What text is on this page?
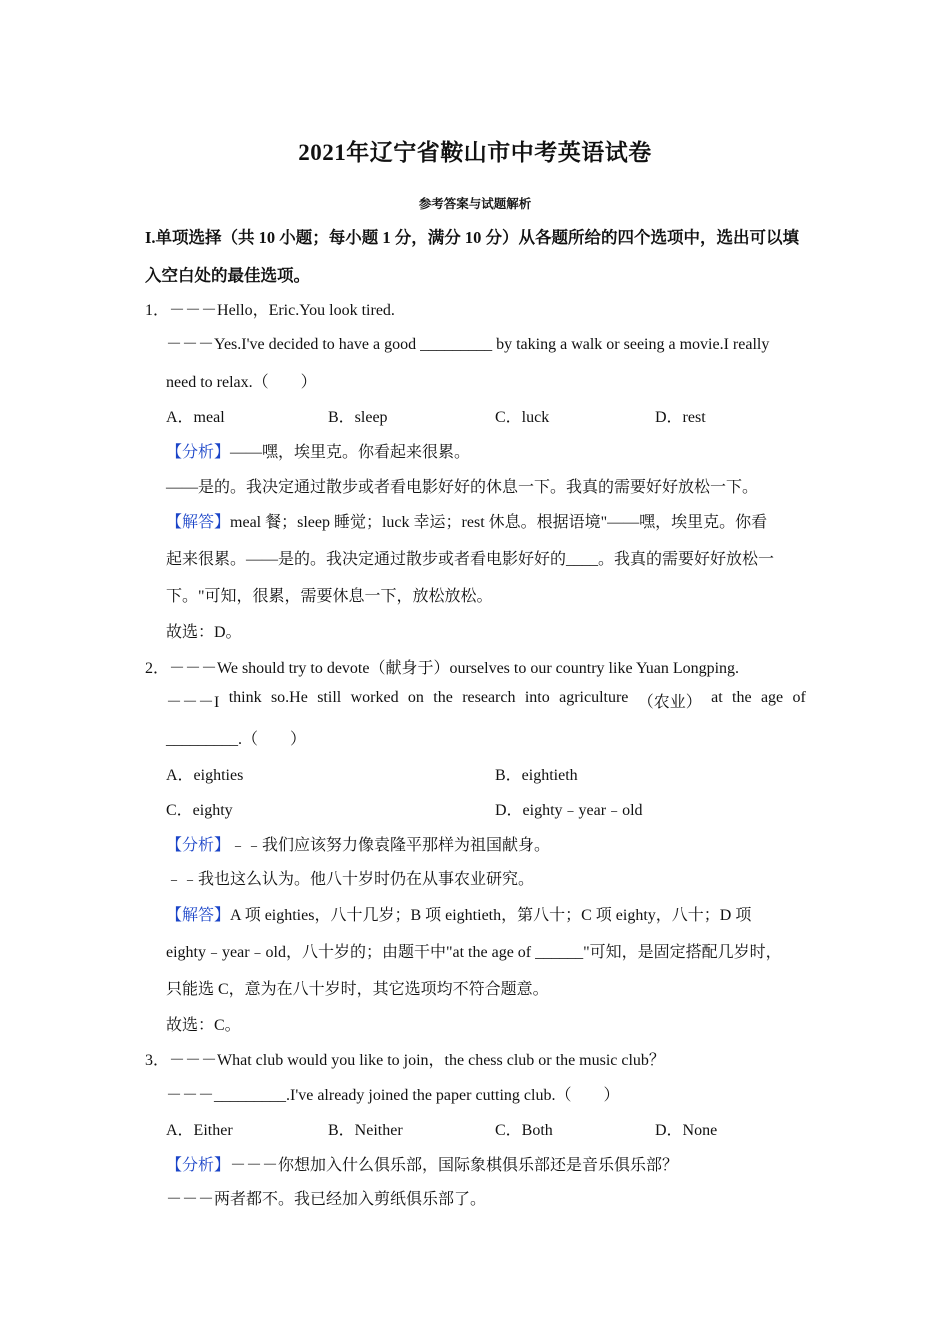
2021年辽宁省鞍山市中考英语试卷
参考答案与试题解析
I.单项选择（共 10 小题；每小题 1 分，满分 10 分）从各题所给的四个选项中，选出可以填
入空白处的最佳选项。
1．－－－Hello，Eric.You look tired.
－－－Yes.I've decided to have a good _________ by taking a walk or seeing a movie.I really
need to relax.（　　）
A．meal	B．sleep	C．luck	D．rest
【分析】——嘿，埃里克。你看起来很累。
——是的。我决定通过散步或者看电影好好的休息一下。我真的需要好好放松一下。
【解答】meal 餐；sleep 睡觉；luck 幸运；rest 休息。根据语境"——嘿，埃里克。你看
起来很累。——是的。我决定通过散步或者看电影好好的____。我真的需要好好放松一
下。"可知，很累，需要休息一下，放松放松。
故选：D。
2．－－－We should try to devote（献身于）ourselves to our country like Yuan Longping.
－－－I think so.He still worked on the research into agriculture （农业） at the age of
_________.（　　）
A．eighties	B．eightieth
C．eighty	D．eighty﹣year﹣old
【分析】﹣﹣我们应该努力像袁隆平那样为祖国献身。
﹣﹣我也这么认为。他八十岁时仍在从事农业研究。
【解答】A 项 eighties，八十几岁；B 项 eightieth，第八十；C 项 eighty，八十；D 项
eighty﹣year﹣old，八十岁的；由题干中"at the age of ______"可知，是固定搭配几岁时，
只能选 C，意为在八十岁时，其它选项均不符合题意。
故选：C。
3．－－－What club would you like to join，the chess club or the music club？
－－－_________.I've already joined the paper cutting club.（　　）
A．Either	B．Neither	C．Both	D．None
【分析】－－－你想加入什么俱乐部，国际象棋俱乐部还是音乐俱乐部？
－－－两者都不。我已经加入剪纸俱乐部了。
